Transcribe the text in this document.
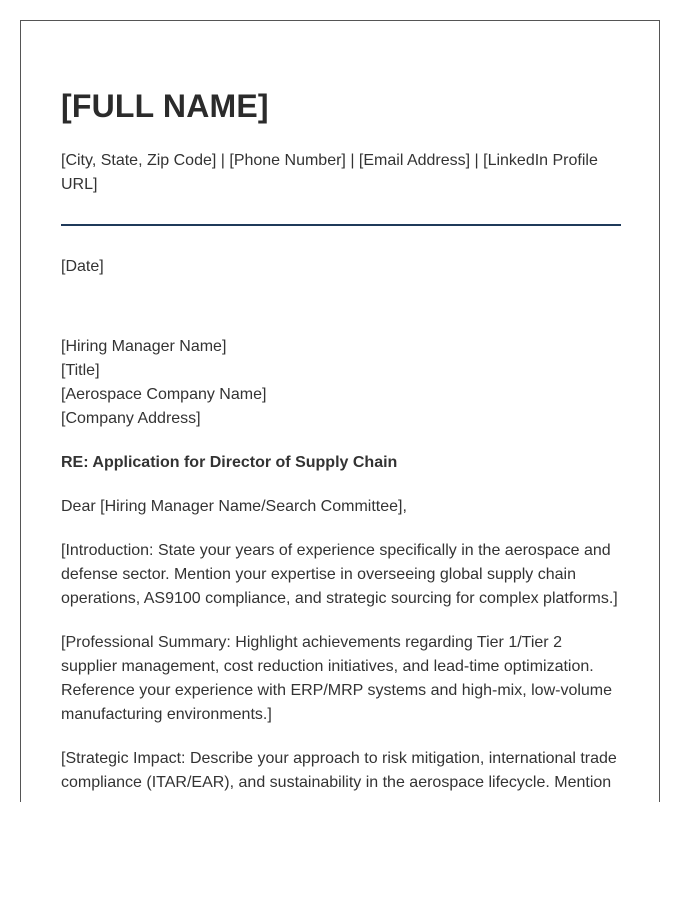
[FULL NAME]

[City, State, Zip Code] | [Phone Number] | [Email Address] | [LinkedIn Profile URL]

[Date]

[Hiring Manager Name]
[Title]
[Aerospace Company Name]
[Company Address]

RE: Application for Director of Supply Chain

Dear [Hiring Manager Name/Search Committee],

[Introduction: State your years of experience specifically in the aerospace and defense sector. Mention your expertise in overseeing global supply chain operations, AS9100 compliance, and strategic sourcing for complex platforms.]

[Professional Summary: Highlight achievements regarding Tier 1/Tier 2 supplier management, cost reduction initiatives, and lead-time optimization. Reference your experience with ERP/MRP systems and high-mix, low-volume manufacturing environments.]

[Strategic Impact: Describe your approach to risk mitigation, international trade compliance (ITAR/EAR), and sustainability in the aerospace lifecycle. Mention
